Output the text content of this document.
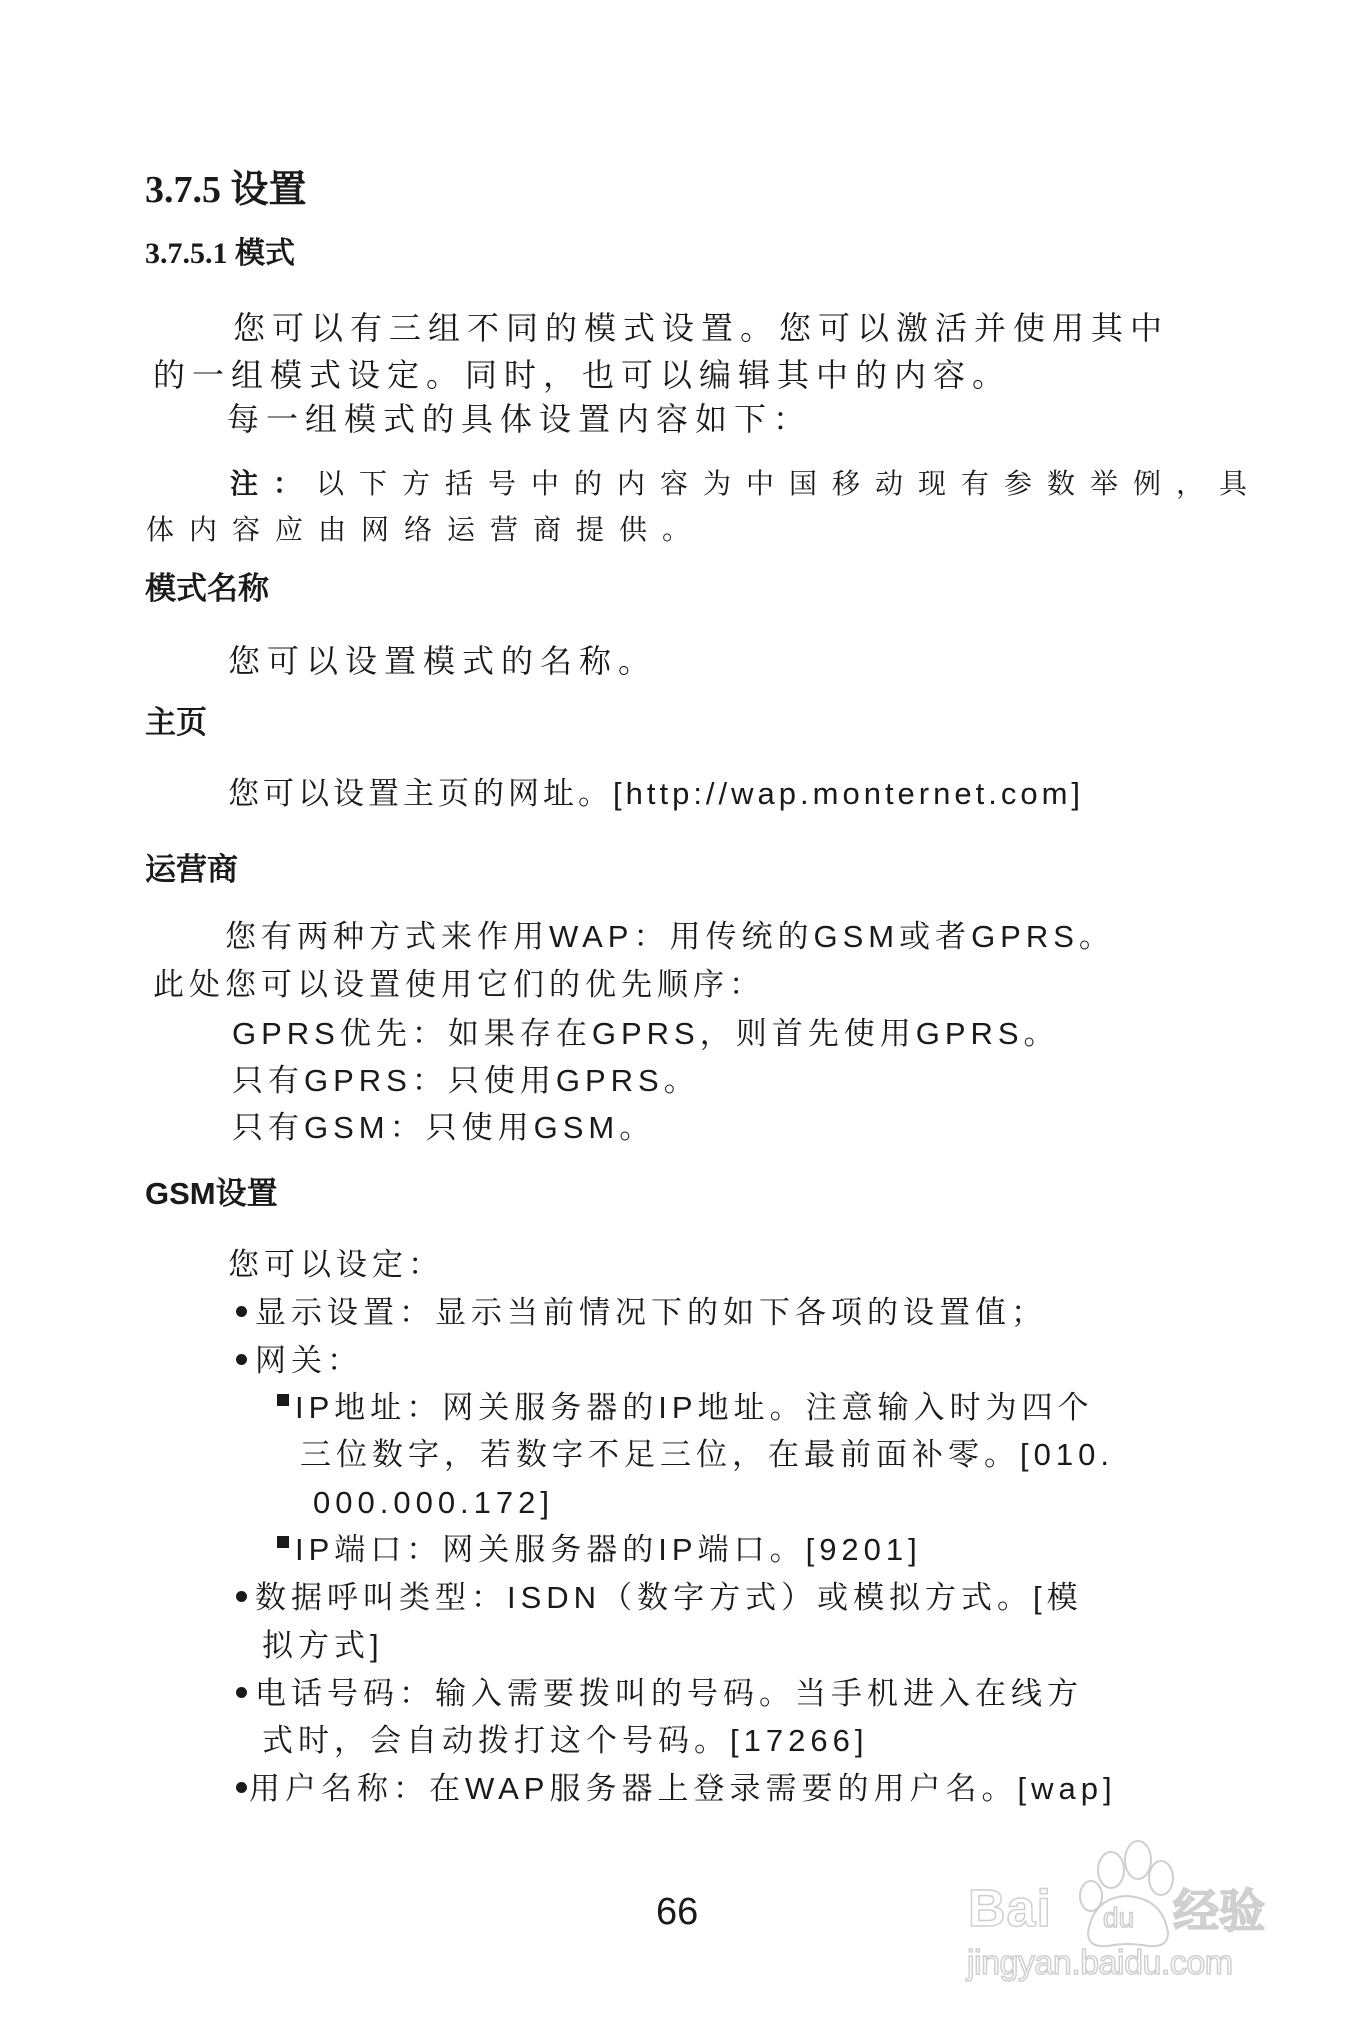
3.7.5 设置
3.7.5.1 模式
您可以有三组不同的模式设置。您可以激活并使用其中
的一组模式设定。同时，也可以编辑其中的内容。
每一组模式的具体设置内容如下：
注：以下方括号中的内容为中国移动现有参数举例，具
体内容应由网络运营商提供。
模式名称
您可以设置模式的名称。
主页
您可以设置主页的网址。[http://wap.monternet.com]
运营商
您有两种方式来作用WAP：用传统的GSM或者GPRS。
此处您可以设置使用它们的优先顺序：
GPRS优先：如果存在GPRS，则首先使用GPRS。
只有GPRS：只使用GPRS。
只有GSM：只使用GSM。
GSM设置
您可以设定：
显示设置：显示当前情况下的如下各项的设置值；
网关：
IP地址：网关服务器的IP地址。注意输入时为四个
三位数字，若数字不足三位，在最前面补零。[010.
000.000.172]
IP端口：网关服务器的IP端口。[9201]
数据呼叫类型：ISDN（数字方式）或模拟方式。[模
拟方式]
电话号码：输入需要拨叫的号码。当手机进入在线方
式时，会自动拨打这个号码。[17266]
用户名称：在WAP服务器上登录需要的用户名。[wap]
66	Bai du 经验
jingyan.baidu.com
